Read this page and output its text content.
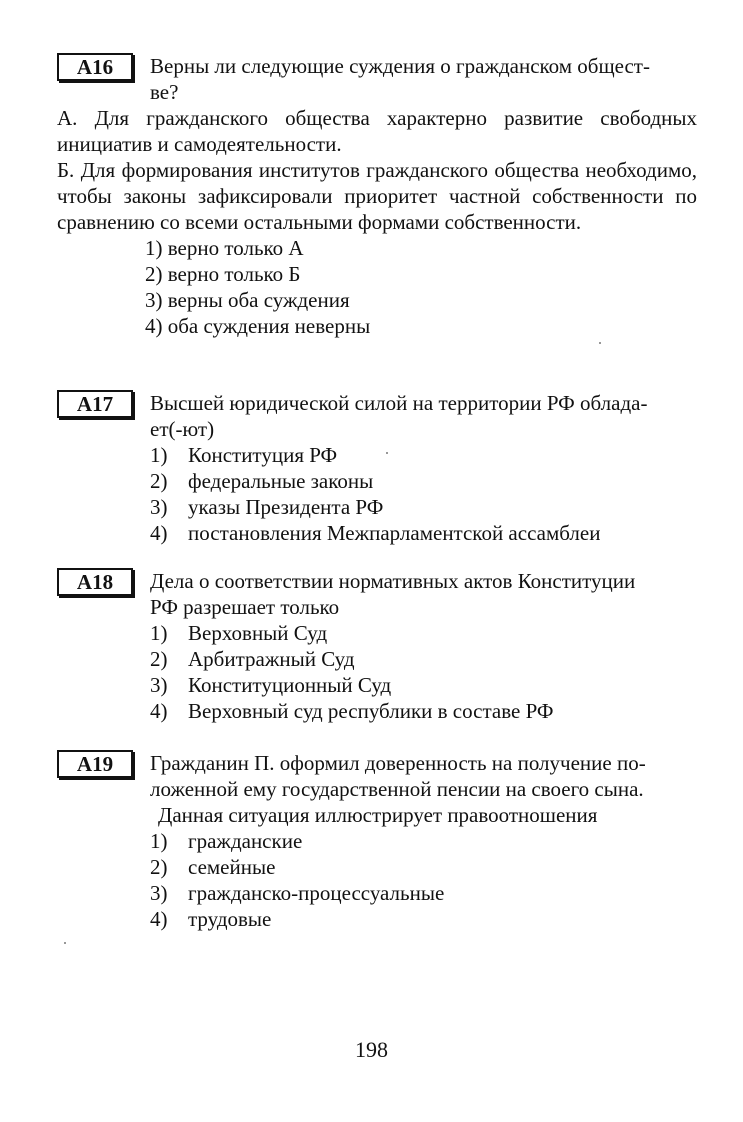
A16	Верны ли следующие суждения о гражданском общест-
ве?
А. Для гражданского общества характерно развитие свободных инициатив и самодеятельности.
Б. Для формирования институтов гражданского общества необходимо, чтобы законы зафиксировали приоритет частной собственности по сравнению со всеми остальными формами собственности.
1) верно только А
2) верно только Б
3) верны оба суждения
4) оба суждения неверны
A17	Высшей юридической силой на территории РФ облада-
ет(-ют)
1) Конституция РФ
2) федеральные законы
3) указы Президента РФ
4) постановления Межпарламентской ассамблеи
A18	Дела о соответствии нормативных актов Конституции
РФ разрешает только
1) Верховный Суд
2) Арбитражный Суд
3) Конституционный Суд
4) Верховный суд республики в составе РФ
A19	Гражданин П. оформил доверенность на получение по-
ложенной ему государственной пенсии на своего сына.
Данная ситуация иллюстрирует правоотношения
1) гражданские
2) семейные
3) гражданско-процессуальные
4) трудовые
198
